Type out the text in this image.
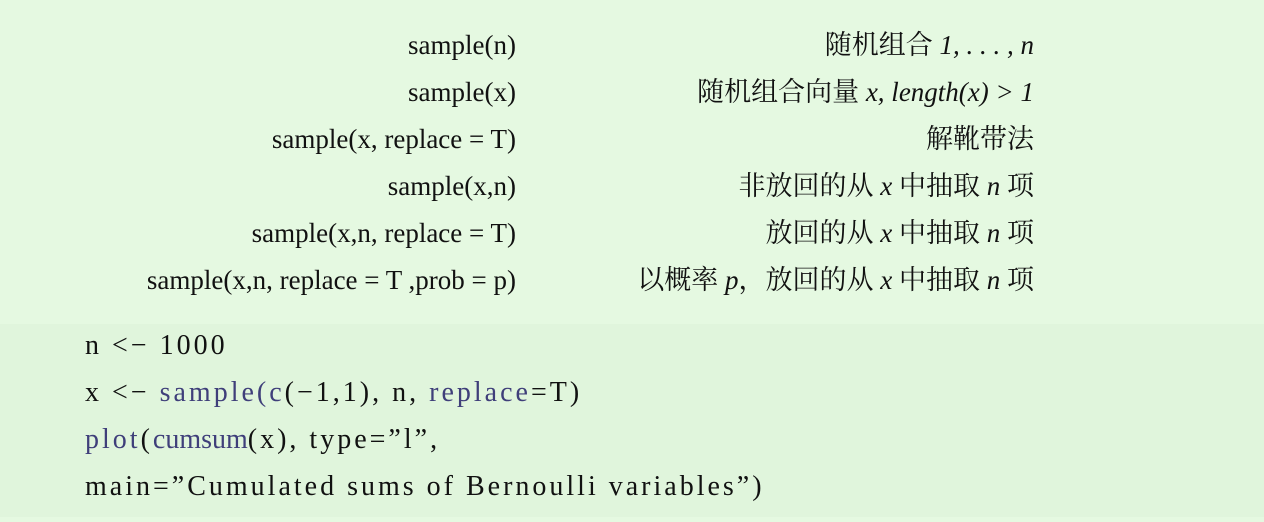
sample(n)	随机组合 1, . . . , n
sample(x)	随机组合向量 x, length(x) > 1
sample(x, replace = T)	解靴带法
sample(x,n)	非放回的从 x 中抽取 n 项
sample(x,n, replace = T)	放回的从 x 中抽取 n 项
sample(x,n, replace = T ,prob = p)	以概率 p，放回的从 x 中抽取 n 项
n <− 1000
x <− sample(c(−1,1), n, replace=T)
plot(cumsum(x), type=”l”,
main=”Cumulated sums of Bernoulli variables”)
